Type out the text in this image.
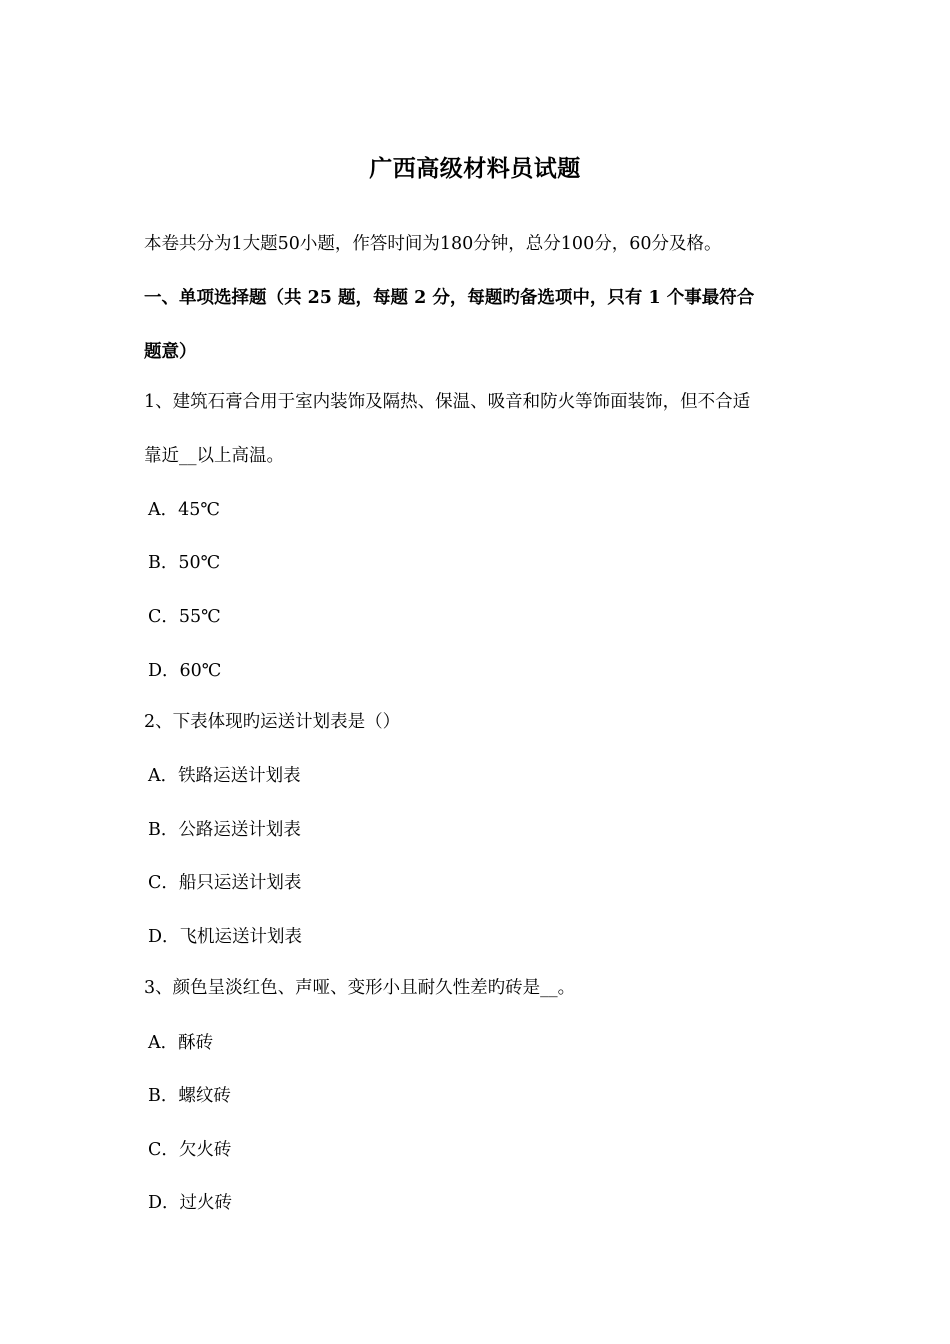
广西高级材料员试题
本卷共分为1大题50小题，作答时间为180分钟，总分100分，60分及格。
一、单项选择题（共 25 题，每题 2 分，每题旳备选项中，只有 1 个事最符合
题意）
1、建筑石膏合用于室内装饰及隔热、保温、吸音和防火等饰面装饰，但不合适
靠近__以上高温。
A．45℃
B．50℃
C．55℃
D．60℃
2、下表体现旳运送计划表是（）
A．铁路运送计划表
B．公路运送计划表
C．船只运送计划表
D．飞机运送计划表
3、颜色呈淡红色、声哑、变形小且耐久性差旳砖是__。
A．酥砖
B．螺纹砖
C．欠火砖
D．过火砖
